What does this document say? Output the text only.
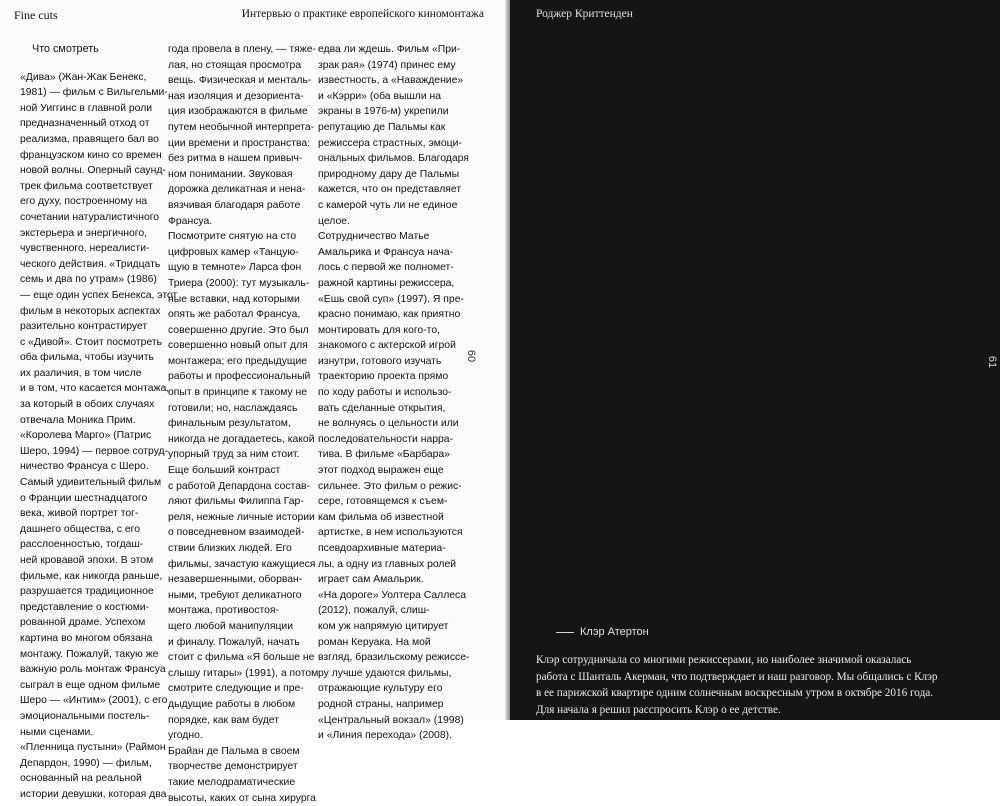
Fine cuts	Интервью о практике европейского киномонтажа

Что смотреть

«Дива» (Жан-Жак Бенекс,

1981) — фильм с Вильгельми-

ной Уиггинс в главной роли

предназначенный отход от

реализма, правящего бал во

французском кино со времен

новой волны. Оперный саунд-

трек фильма соответствует

его духу, построенному на

сочетании натуралистичного

экстерьера и энергичного,

чувственного, нереалисти-

ческого действия. «Тридцать

семь и два по утрам» (1986)

— еще один успех Бенекса, этот

фильм в некоторых аспектах

разительно контрастирует

с «Дивой». Стоит посмотреть

оба фильма, чтобы изучить

их различия, в том числе

и в том, что касается монтажа,

за который в обоих случаях

отвечала Моника Прим.

«Королева Марго» (Патрис

Шеро, 1994) — первое сотруд-

ничество Франсуа с Шеро.

Самый удивительный фильм

о Франции шестнадцатого

века, живой портрет тог-

дашнего общества, с его

расслоенностью, тогдаш-

ней кровавой эпохи. В этом

фильме, как никогда раньше,

разрушается традиционное

представление о костюми-

рованной драме. Успехом

картина во многом обязана

монтажу. Пожалуй, такую же

важную роль монтаж Франсуа

сыграл в еще одном фильме

Шеро — «Интим» (2001), с его

эмоциональными постель-

ными сценами.

«Пленница пустыни» (Раймон

Депардон, 1990) — фильм,

основанный на реальной

истории девушки, которая два

года провела в плену, — тяже-

лая, но стоящая просмотра

вещь. Физическая и менталь-

ная изоляция и дезориента-

ция изображаются в фильме

путем необычной интерпрета-

ции времени и пространства:

без ритма в нашем привыч-

ном понимании. Звуковая

дорожка деликатная и нена-

вязчивая благодаря работе

Франсуа.

Посмотрите снятую на сто

цифровых камер «Танцую-

щую в темноте» Ларса фон

Триера (2000): тут музыкаль-

ные вставки, над которыми

опять же работал Франсуа,

совершенно другие. Это был

совершенно новый опыт для

монтажера; его предыдущие

работы и профессиональный

опыт в принципе к такому не

готовили; но, наслаждаясь

финальным результатом,

никогда не догадаетесь, какой

упорный труд за ним стоит.

Еще больший контраст

с работой Депардона состав-

ляют фильмы Филиппа Гар-

реля, нежные личные истории

о повседневном взаимодей-

ствии близких людей. Его

фильмы, зачастую кажущиеся

незавершенными, оборван-

ными, требуют деликатного

монтажа, противостоя-

щего любой манипуляции

и финалу. Пожалуй, начать

стоит с фильма «Я больше не

слышу гитары» (1991), а потом

смотрите следующие и пре-

дыдущие работы в любом

порядке, как вам будет

угодно.

Брайан де Пальма в своем

творчестве демонстрирует

такие мелодраматические

высоты, каких от сына хирурга

едва ли ждешь. Фильм «При-

зрак рая» (1974) принес ему

известность, а «Наваждение»

и «Кэрри» (оба вышли на

экраны в 1976-м) укрепили

репутацию де Пальмы как

режиссера страстных, эмоци-

ональных фильмов. Благодаря

природному дару де Пальмы

кажется, что он представляет

с камерой чуть ли не единое

целое.

Сотрудничество Матье

Амальрика и Франсуа нача-

лось с первой же полномет-

ражной картины режиссера,

«Ешь свой суп» (1997). Я пре-

красно понимаю, как приятно

монтировать для кого-то,

знакомого с актерской игрой

изнутри, готового изучать

траекторию проекта прямо

по ходу работы и использо-

вать сделанные открытия,

не волнуясь о цельности или

последовательности нарра-

тива. В фильме «Барбара»

этот подход выражен еще

сильнее. Это фильм о режис-

сере, готовящемся к съем-

кам фильма об известной

артистке, в нем используются

псевдоархивные материа-

лы, а одну из главных ролей

играет сам Амальрик.

«На дороге» Уолтера Саллеса

(2012), пожалуй, слиш-

ком уж напрямую цитирует

роман Керуака. На мой

взгляд, бразильскому режиссе-

ру лучше удаются фильмы,

отражающие культуру его

родной страны, например

«Центральный вокзал» (1998)

и «Линия перехода» (2008).

60
Роджер Криттенден
61
Клэр Атертон

Клэр сотрудничала со многими режиссерами, но наиболее значимой оказалась

работа с Шанталь Акерман, что подтверждает и наш разговор. Мы общались с Клэр

в ее парижской квартире одним солнечным воскресным утром в октябре 2016 года.

Для начала я решил расспросить Клэр о ее детстве.
